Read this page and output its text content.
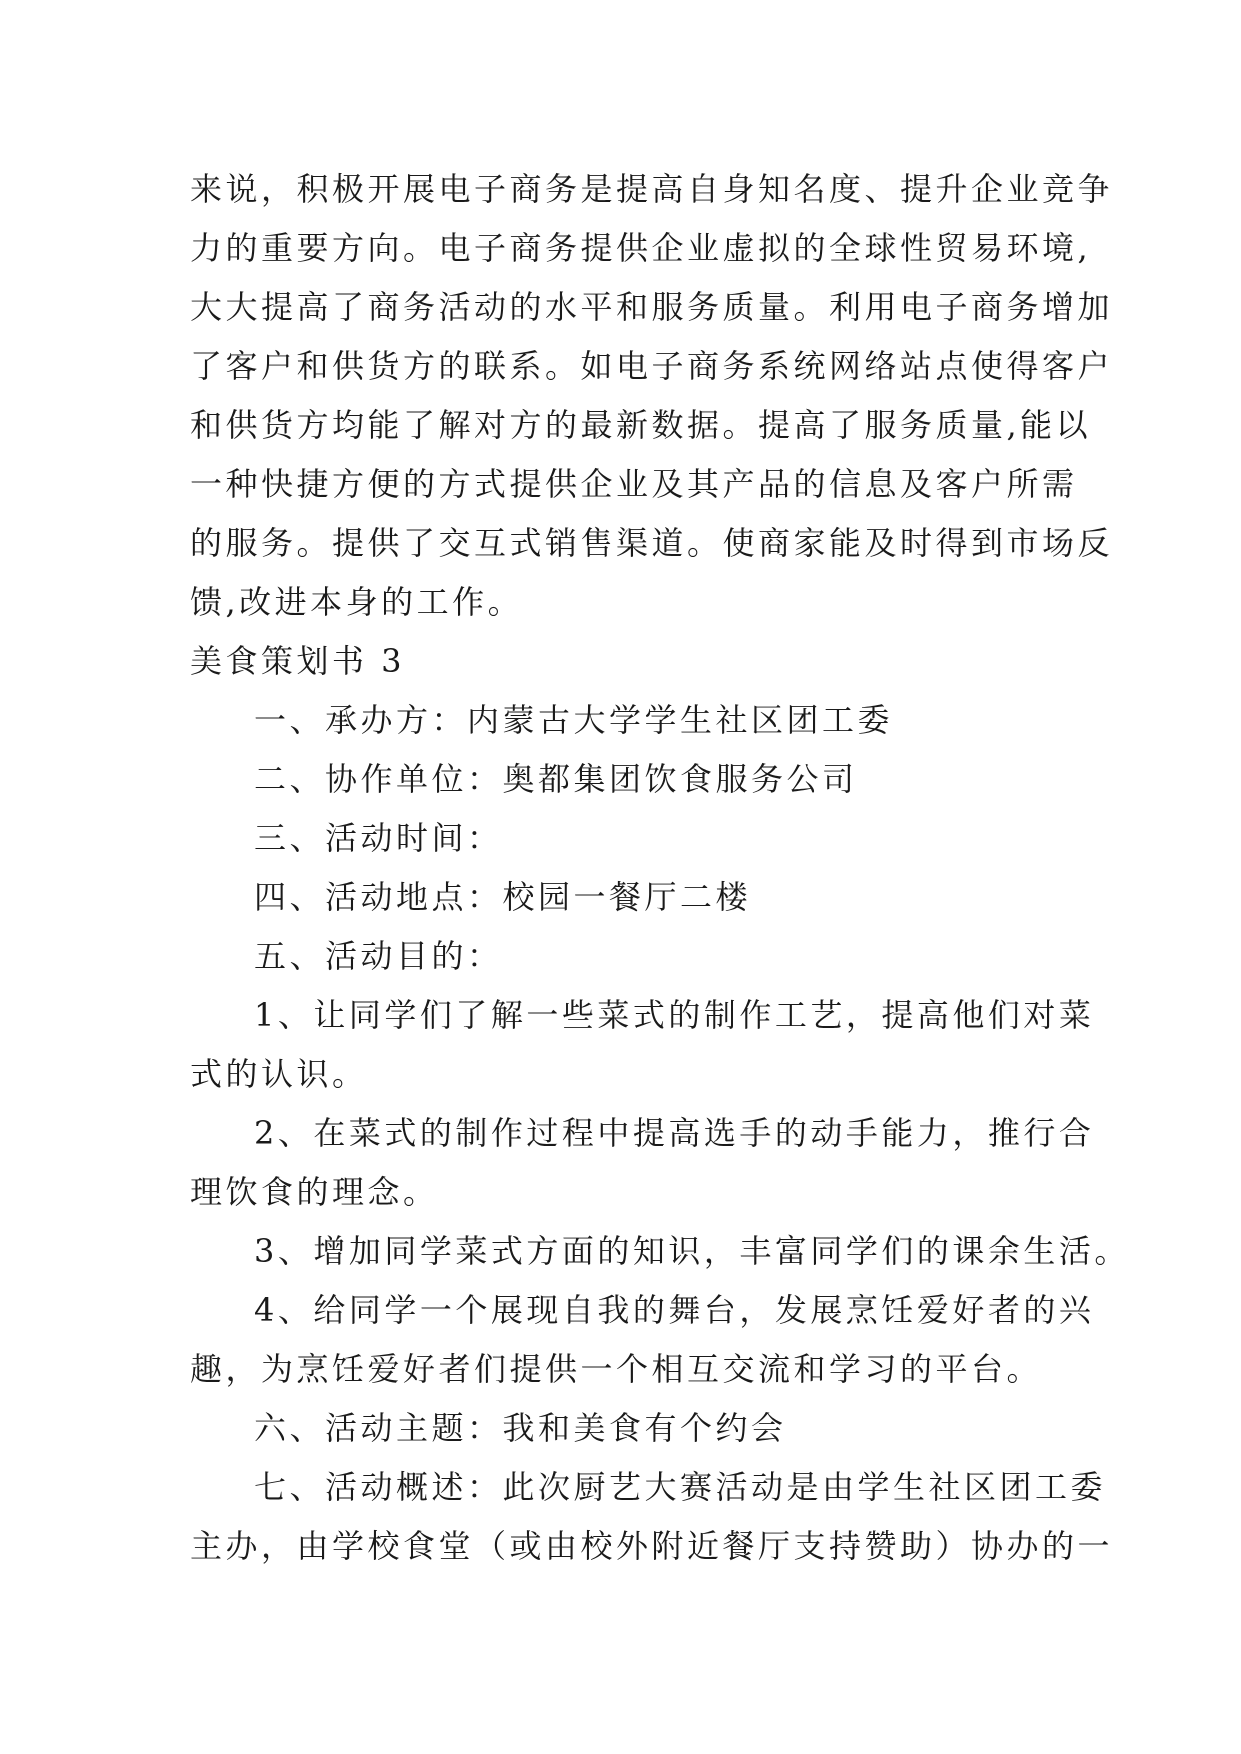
来说，积极开展电子商务是提高自身知名度、提升企业竞争
力的重要方向。电子商务提供企业虚拟的全球性贸易环境,
大大提高了商务活动的水平和服务质量。利用电子商务增加
了客户和供货方的联系。如电子商务系统网络站点使得客户
和供货方均能了解对方的最新数据。提高了服务质量,能以
一种快捷方便的方式提供企业及其产品的信息及客户所需
的服务。提供了交互式销售渠道。使商家能及时得到市场反
馈,改进本身的工作。
美食策划书 3
一、承办方：内蒙古大学学生社区团工委
二、协作单位：奥都集团饮食服务公司
三、活动时间：
四、活动地点：校园一餐厅二楼
五、活动目的：
1、让同学们了解一些菜式的制作工艺，提高他们对菜
式的认识。
2、在菜式的制作过程中提高选手的动手能力，推行合
理饮食的理念。
3、增加同学菜式方面的知识，丰富同学们的课余生活。
4、给同学一个展现自我的舞台，发展烹饪爱好者的兴
趣，为烹饪爱好者们提供一个相互交流和学习的平台。
六、活动主题：我和美食有个约会
七、活动概述：此次厨艺大赛活动是由学生社区团工委
主办，由学校食堂（或由校外附近餐厅支持赞助）协办的一
